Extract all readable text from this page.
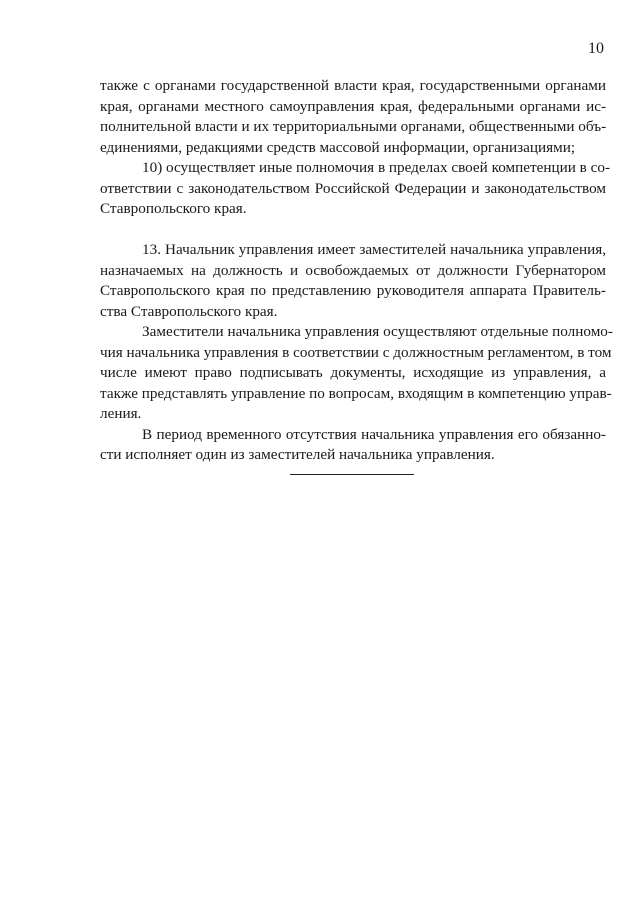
10
также с органами государственной власти края, государственными органами
края, органами местного самоуправления края, федеральными органами ис-
полнительной власти и их территориальными органами, общественными объ-
единениями, редакциями средств массовой информации, организациями;
10) осуществляет иные полномочия в пределах своей компетенции в со-
ответствии с законодательством Российской Федерации и законодательством
Ставропольского края.
13. Начальник управления имеет заместителей начальника управления,
назначаемых на должность и освобождаемых от должности Губернатором
Ставропольского края по представлению руководителя аппарата Правитель-
ства Ставропольского края.
Заместители начальника управления осуществляют отдельные полномо-
чия начальника управления в соответствии с должностным регламентом, в том
числе имеют право подписывать документы, исходящие из управления, а
также представлять управление по вопросам, входящим в компетенцию управ-
ления.
В период временного отсутствия начальника управления его обязанно-
сти исполняет один из заместителей начальника управления.
